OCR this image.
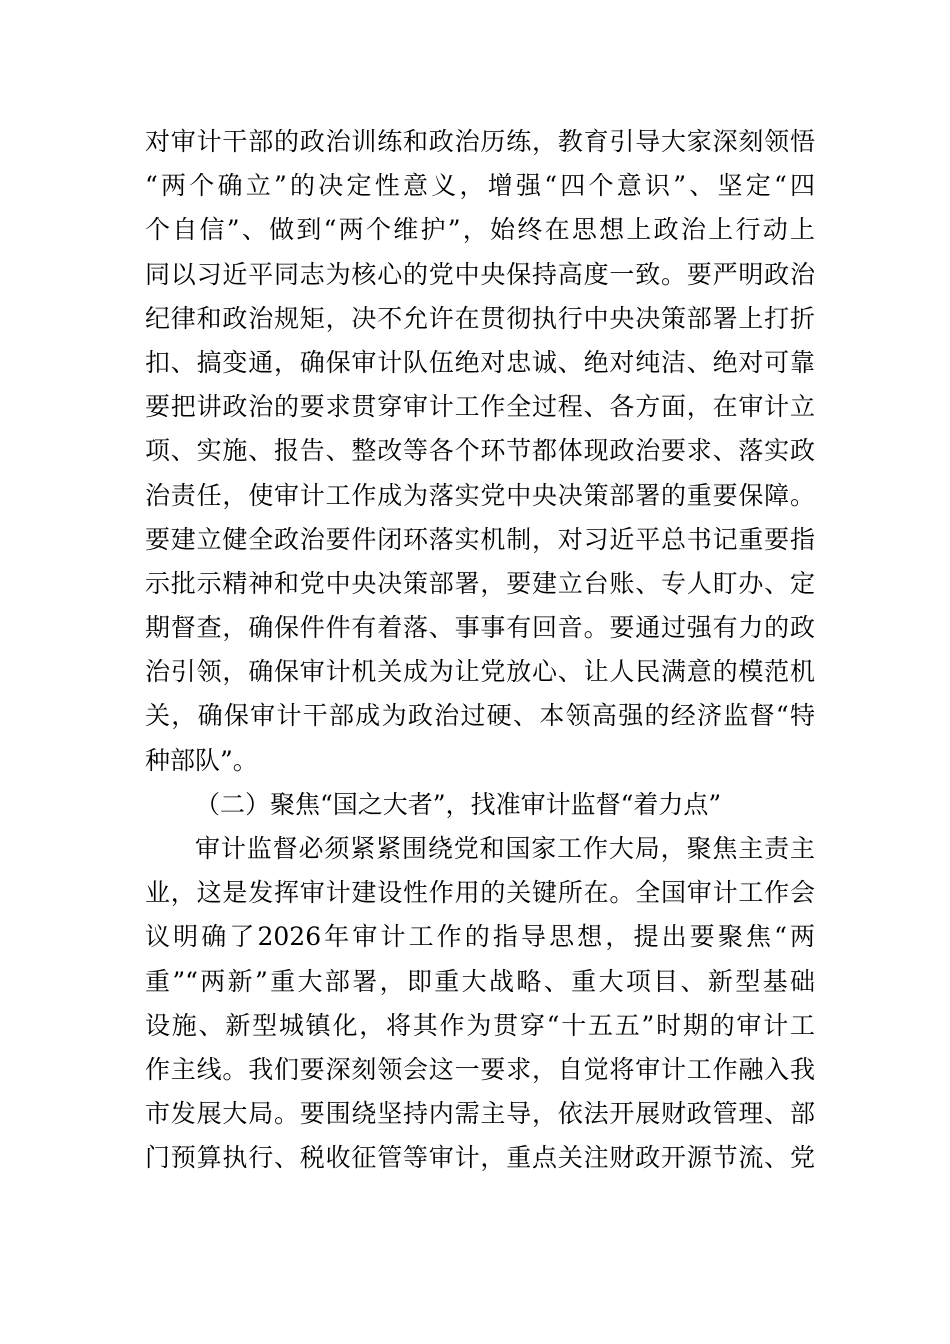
对审计干部的政治训练和政治历练，教育引导大家深刻领悟
“两个确立”的决定性意义，增强“四个意识”、坚定“四
个自信”、做到“两个维护”，始终在思想上政治上行动上
同以习近平同志为核心的党中央保持高度一致。要严明政治
纪律和政治规矩，决不允许在贯彻执行中央决策部署上打折
扣、搞变通，确保审计队伍绝对忠诚、绝对纯洁、绝对可靠
要把讲政治的要求贯穿审计工作全过程、各方面，在审计立
项、实施、报告、整改等各个环节都体现政治要求、落实政
治责任，使审计工作成为落实党中央决策部署的重要保障。
要建立健全政治要件闭环落实机制，对习近平总书记重要指
示批示精神和党中央决策部署，要建立台账、专人盯办、定
期督查，确保件件有着落、事事有回音。要通过强有力的政
治引领，确保审计机关成为让党放心、让人民满意的模范机
关，确保审计干部成为政治过硬、本领高强的经济监督“特
种部队”。
（二）聚焦“国之大者”，找准审计监督“着力点”
审计监督必须紧紧围绕党和国家工作大局，聚焦主责主
业，这是发挥审计建设性作用的关键所在。全国审计工作会
议明确了2026年审计工作的指导思想，提出要聚焦“两
重”“两新”重大部署，即重大战略、重大项目、新型基础
设施、新型城镇化，将其作为贯穿“十五五”时期的审计工
作主线。我们要深刻领会这一要求，自觉将审计工作融入我
市发展大局。要围绕坚持内需主导，依法开展财政管理、部
门预算执行、税收征管等审计，重点关注财政开源节流、党
